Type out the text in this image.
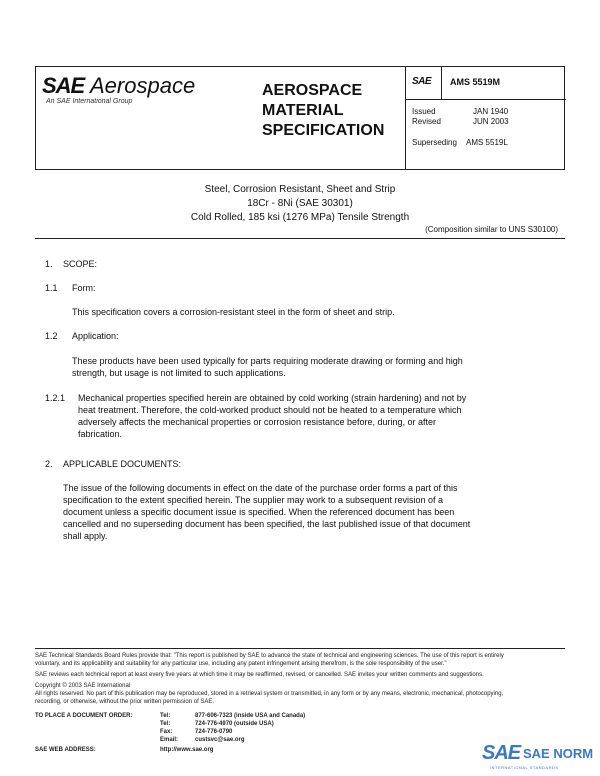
SAE Aerospace
An SAE International Group
AEROSPACE
MATERIAL
SPECIFICATION
SAE AMS 5519M
Issued	JAN 1940
Revised	JUN 2003
Superseding AMS 5519L
Steel, Corrosion Resistant, Sheet and Strip
18Cr - 8Ni (SAE 30301)
Cold Rolled, 185 ksi (1276 MPa) Tensile Strength
(Composition similar to UNS S30100)
1. SCOPE:
1.1 Form:
This specification covers a corrosion-resistant steel in the form of sheet and strip.
1.2 Application:
These products have been used typically for parts requiring moderate drawing or forming and high
strength, but usage is not limited to such applications.
1.2.1 Mechanical properties specified herein are obtained by cold working (strain hardening) and not by
heat treatment. Therefore, the cold-worked product should not be heated to a temperature which
adversely affects the mechanical properties or corrosion resistance before, during, or after
fabrication.
2. APPLICABLE DOCUMENTS:
The issue of the following documents in effect on the date of the purchase order forms a part of this
specification to the extent specified herein. The supplier may work to a subsequent revision of a
document unless a specific document issue is specified. When the referenced document has been
cancelled and no superseding document has been specified, the last published issue of that document
shall apply.
SAE Technical Standards Board Rules provide that: "This report is published by SAE to advance the state of technical and engineering sciences. The use of this report is entirely
voluntary, and its applicability and suitability for any particular use, including any patent infringement arising therefrom, is the sole responsibility of the user."
SAE reviews each technical report at least every five years at which time it may be reaffirmed, revised, or cancelled. SAE invites your written comments and suggestions.
Copyright © 2003 SAE International
All rights reserved. No part of this publication may be reproduced, stored in a retrieval system or transmitted, in any form or by any means, electronic, mechanical, photocopying,
recording, or otherwise, without the prior written permission of SAE.
TO PLACE A DOCUMENT ORDER:	Tel:	877-606-7323 (inside USA and Canada)
Tel:	724-776-4970 (outside USA)
Fax:	724-776-0790
Email:	custsvc@sae.org
SAE WEB ADDRESS:	http://www.sae.org	SAE SAE NORM
INTERNATIONAL STANDARDS
